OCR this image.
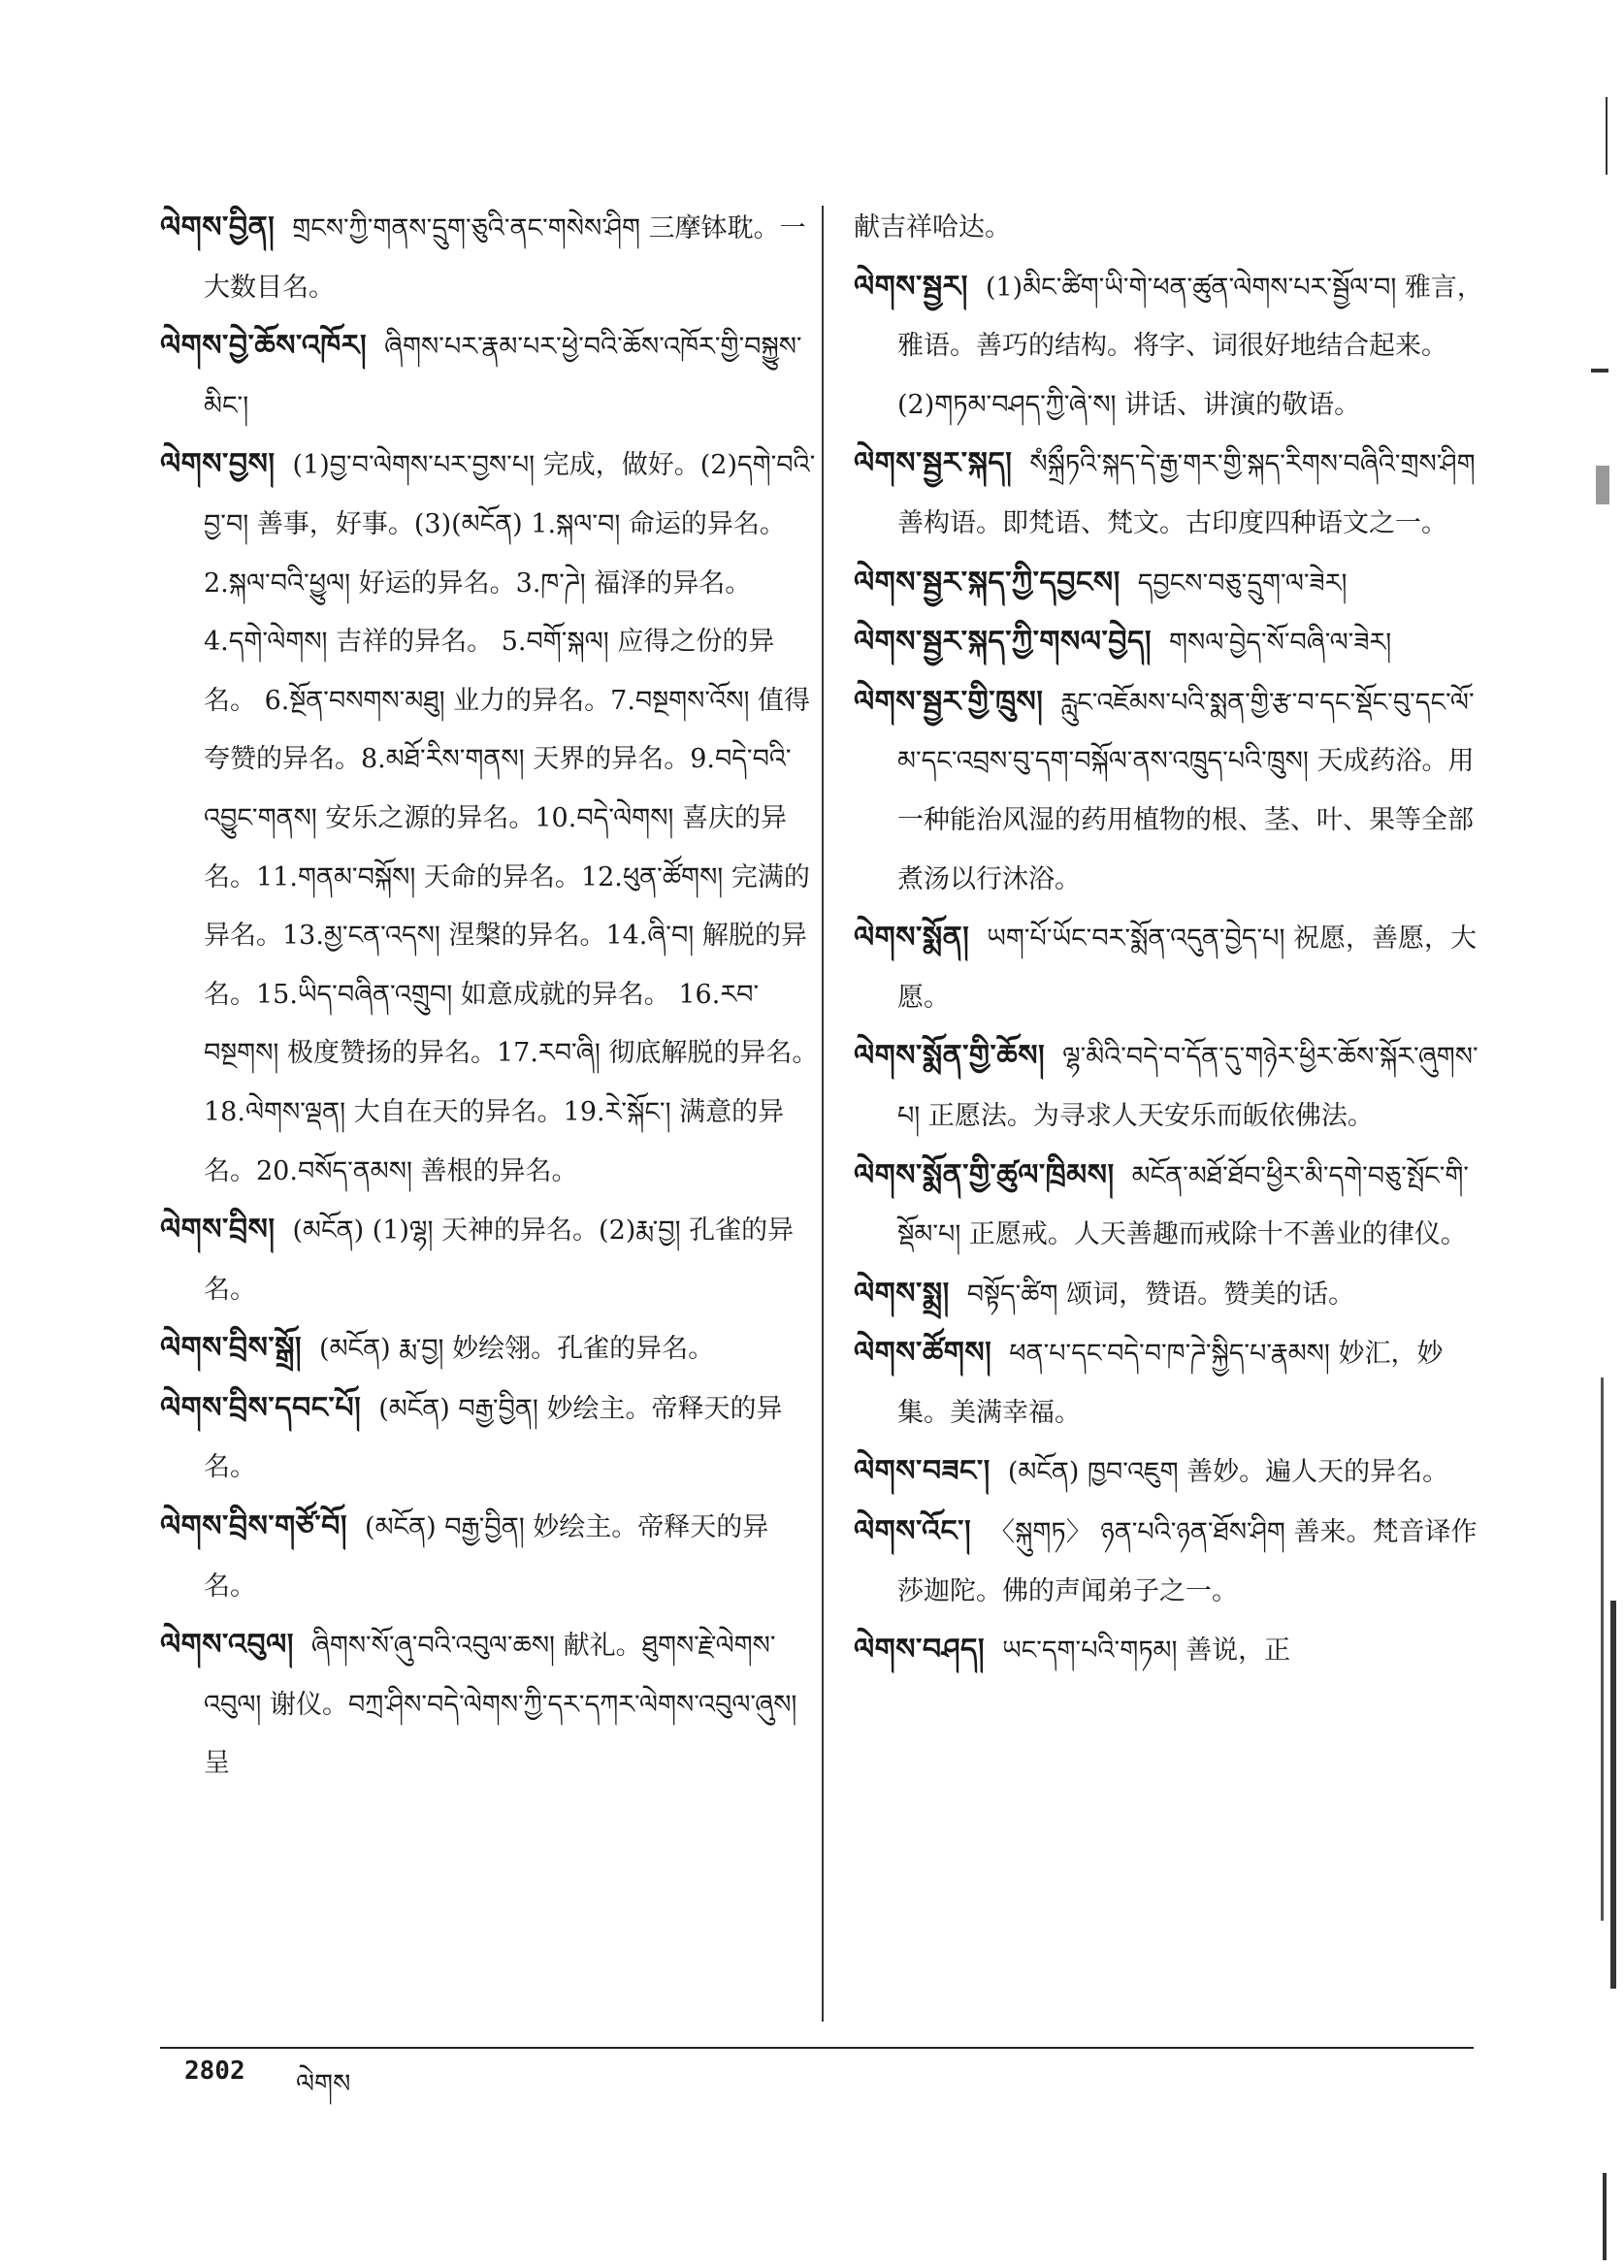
ལེགས་བྱིན། གྲངས་ཀྱི་གནས་དྲུག་ཅུའི་ནང་གསེས་ཤིག 三摩钵耽。一大数目名。

ལེགས་བྱེ་ཆོས་འཁོར། ཞིགས་པར་རྣམ་པར་ཕྱེ་བའི་ཆོས་འཁོར་གྱི་བསྐྱུས་མིང་།

ལེགས་བྱས། (1)བྱ་བ་ལེགས་པར་བྱས་པ། 完成，做好。(2)དགེ་བའི་བྱ་བ། 善事，好事。(3)(མངོན) 1.སྐལ་བ། 命运的异名。2.སྐལ་བའི་ཕྱུལ། 好运的异名。3.ཁ་ཌེ། 福泽的异名。 4.དགེ་ལེགས། 吉祥的异名。 5.བགོ་སྐལ། 应得之份的异名。 6.སྔོན་བསགས་མཐུ། 业力的异名。7.བསྔགས་འོས། 值得夸赞的异名。8.མཐོ་རིས་གནས། 天界的异名。9.བདེ་བའི་འབྱུང་གནས། 安乐之源的异名。10.བདེ་ལེགས། 喜庆的异名。11.གནམ་བསྐོས། 天命的异名。12.ཕུན་ཚོགས། 完满的异名。13.མྱ་ངན་འདས། 涅槃的异名。14.ཞི་བ། 解脱的异名。15.ཡིད་བཞིན་འགྲུབ། 如意成就的异名。 16.རབ་བསྔགས། 极度赞扬的异名。17.རབ་ཞི། 彻底解脱的异名。 18.ལེགས་ལྡན། 大自在天的异名。19.རེ་སྐོང་། 满意的异名。20.བསོད་ནམས། 善根的异名。

ལེགས་བྲིས། (མངོན) (1)ལྷ། 天神的异名。(2)རྨ་བྱ། 孔雀的异名。

ལེགས་བྲིས་སྒྲོ། (མངོན) རྨ་བྱ། 妙绘翎。孔雀的异名。

ལེགས་བྲིས་དབང་པོ། (མངོན) བརྒྱ་བྱིན། 妙绘主。帝释天的异名。

ལེགས་བྲིས་གཙོ་བོ། (མངོན) བརྒྱ་བྱིན། 妙绘主。帝释天的异名。

ལེགས་འབུལ། ཞིགས་སོ་ཞུ་བའི་འབུལ་ཆས། 献礼。ཐུགས་རྗེ་ལེགས་འབུལ། 谢仪。བཀྲ་ཤིས་བདེ་ལེགས་ཀྱི་དར་དཀར་ལེགས་འབུལ་ཞུས། 呈

献吉祥哈达。

ལེགས་སྦྱར། (1)མིང་ཚིག་ཡི་གེ་ཕན་ཚུན་ལེགས་པར་སྦྱོལ་བ། 雅言，雅语。善巧的结构。将字、词很好地结合起来。(2)གཏམ་བཤད་ཀྱི་ཞེ་ས། 讲话、讲演的敬语。

ལེགས་སྦྱར་སྐད། སཾསྐྲྀཏའི་སྐད་དེ་རྒྱ་གར་གྱི་སྐད་རིགས་བཞིའི་གྲས་ཤིག 善构语。即梵语、梵文。古印度四种语文之一。

ལེགས་སྦྱར་སྐད་ཀྱི་དབྱངས། དབྱངས་བཅུ་དྲུག་ལ་ཟེར།

ལེགས་སྦྱར་སྐད་ཀྱི་གསལ་བྱེད། གསལ་བྱེད་སོ་བཞི་ལ་ཟེར།

ལེགས་སྦྱར་གྱི་ཁྲུས། རླུང་འཇོམས་པའི་སྨན་གྱི་རྩ་བ་དང་སྡོང་བུ་དང་ལོ་མ་དང་འབྲས་བུ་དག་བསྐོལ་ནས་འཁྲུད་པའི་ཁྲུས། 天成药浴。用一种能治风湿的药用植物的根、茎、叶、果等全部煮汤以行沐浴。

ལེགས་སྨོན། ཡག་པོ་ཡོང་བར་སྨོན་འདུན་བྱེད་པ། 祝愿，善愿，大愿。

ལེགས་སྨོན་གྱི་ཆོས། ལྷ་མིའི་བདེ་བ་དོན་དུ་གཉེར་ཕྱིར་ཆོས་སྐོར་ཞུགས་པ། 正愿法。为寻求人天安乐而皈依佛法。

ལེགས་སྨོན་གྱི་ཚུལ་ཁྲིམས། མངོན་མཐོ་ཐོབ་ཕྱིར་མི་དགེ་བཅུ་སྤོང་གི་སྡོམ་པ། 正愿戒。人天善趣而戒除十不善业的律仪。

ལེགས་སྨྲ། བསྟོད་ཚིག 颂词，赞语。赞美的话。

ལེགས་ཚོགས། ཕན་པ་དང་བདེ་བ་ཁ་ཌེ་སྐྱིད་པ་རྣམས། 妙汇，妙集。美满幸福。

ལེགས་བཟང་། (མངོན) ཁྱབ་འཇུག 善妙。遍人天的异名。

ལེགས་འོང་། 〈སྐུགཏ〉 ཉན་པའི་ཉན་ཐོས་ཤིག 善来。梵音译作莎迦陀。佛的声闻弟子之一。

ལེགས་བཤད། ཡང་དག་པའི་གཏམ། 善说，正

2802 ལེགས
